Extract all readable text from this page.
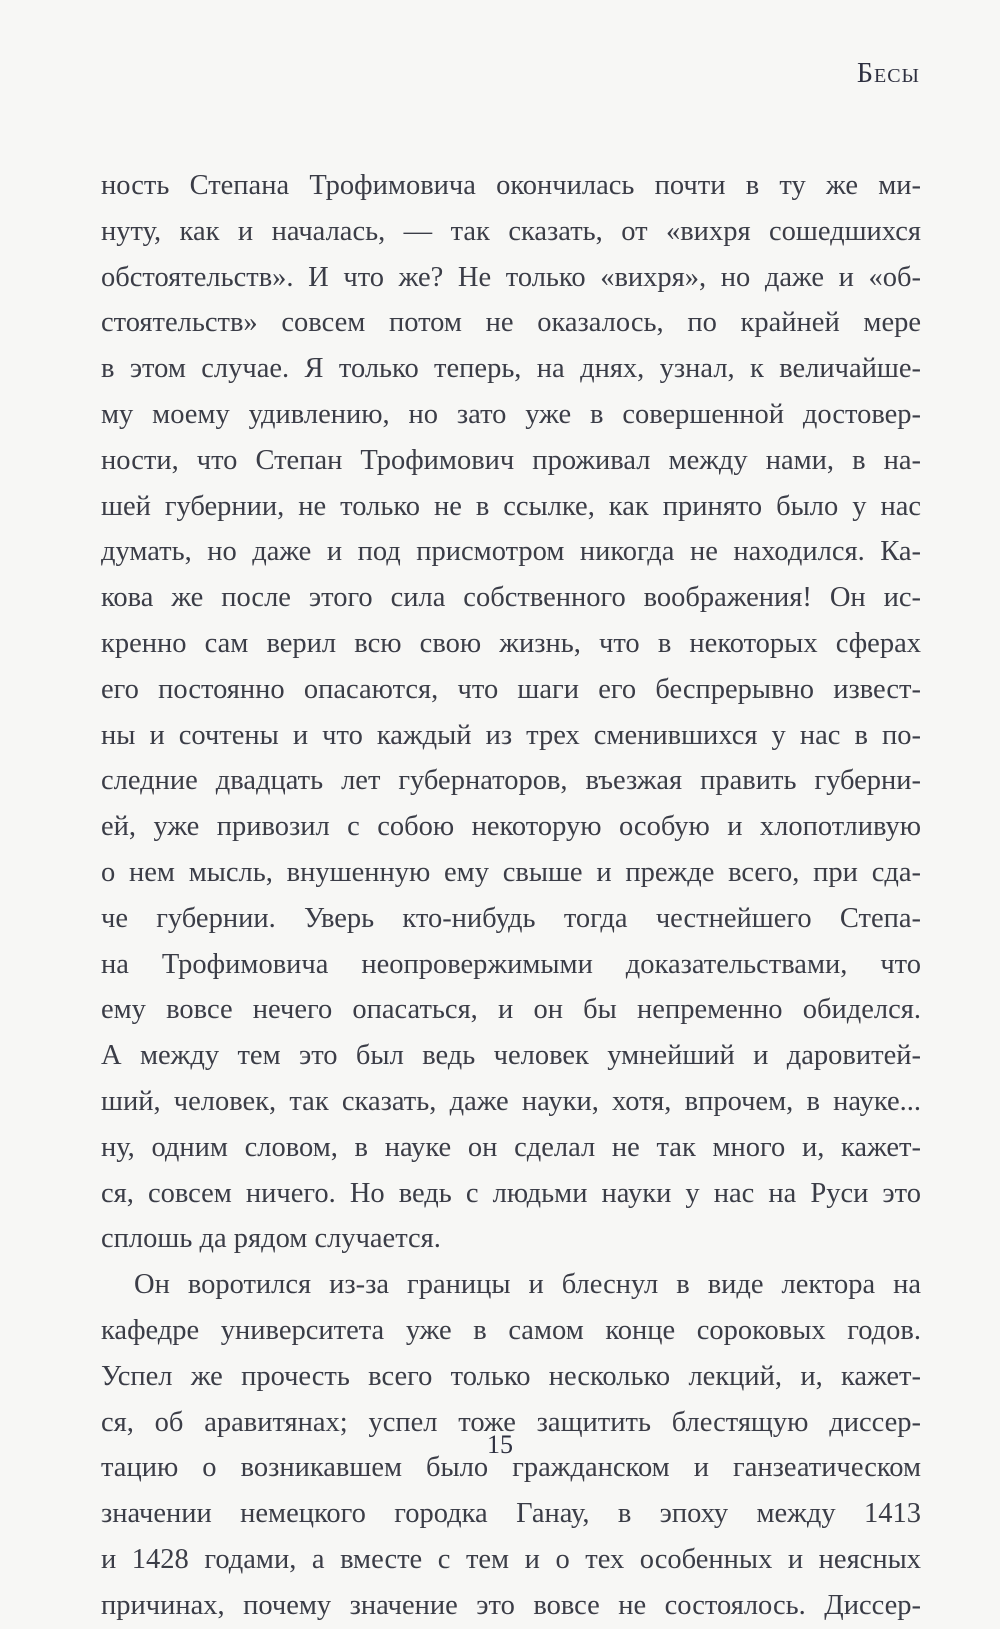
Бесы
ность Степана Трофимовича окончилась почти в ту же ми-
нуту, как и началась, — так сказать, от «вихря сошедшихся
обстоятельств». И что же? Не только «вихря», но даже и «об-
стоятельств» совсем потом не оказалось, по крайней мере
в этом случае. Я только теперь, на днях, узнал, к величайше-
му моему удивлению, но зато уже в совершенной достовер-
ности, что Степан Трофимович проживал между нами, в на-
шей губернии, не только не в ссылке, как принято было у нас
думать, но даже и под присмотром никогда не находился. Ка-
кова же после этого сила собственного воображения! Он ис-
кренно сам верил всю свою жизнь, что в некоторых сферах
его постоянно опасаются, что шаги его беспрерывно извест-
ны и сочтены и что каждый из трех сменившихся у нас в по-
следние двадцать лет губернаторов, въезжая править губерни-
ей, уже привозил с собою некоторую особую и хлопотливую
о нем мысль, внушенную ему свыше и прежде всего, при сда-
че губернии. Уверь кто-нибудь тогда честнейшего Степа-
на Трофимовича неопровержимыми доказательствами, что
ему вовсе нечего опасаться, и он бы непременно обиделся.
А между тем это был ведь человек умнейший и даровитей-
ший, человек, так сказать, даже науки, хотя, впрочем, в науке...
ну, одним словом, в науке он сделал не так много и, кажет-
ся, совсем ничего. Но ведь с людьми науки у нас на Руси это
сплошь да рядом случается.
Он воротился из-за границы и блеснул в виде лектора на
кафедре университета уже в самом конце сороковых годов.
Успел же прочесть всего только несколько лекций, и, кажет-
ся, об аравитянах; успел тоже защитить блестящую диссер-
тацию о возникавшем было гражданском и ганзеатическом
значении немецкого городка Ганау, в эпоху между 1413
и 1428 годами, а вместе с тем и о тех особенных и неясных
причинах, почему значение это вовсе не состоялось. Диссер-
15
